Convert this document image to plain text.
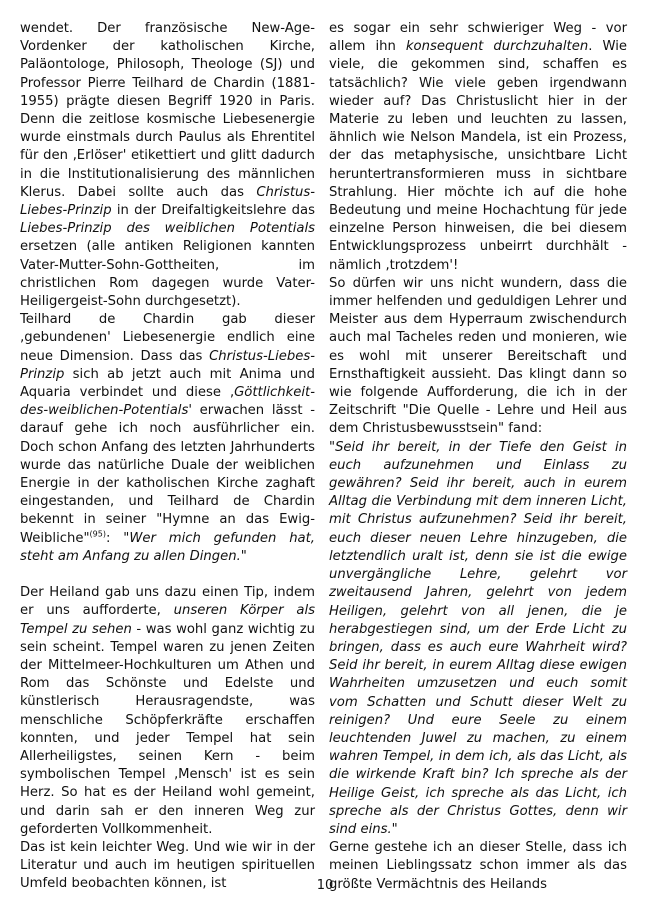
wendet. Der französische New-Age-Vordenker der katholischen Kirche, Paläontologe, Philosoph, Theologe (SJ) und Professor Pierre Teilhard de Chardin (1881-1955) prägte diesen Begriff 1920 in Paris. Denn die zeitlose kosmische Liebesenergie wurde einstmals durch Paulus als Ehrentitel für den ‚Erlöser' etikettiert und glitt dadurch in die Institutionalisierung des männlichen Klerus. Dabei sollte auch das Christus-Liebes-Prinzip in der Dreifaltigkeitslehre das Liebes-Prinzip des weiblichen Potentials ersetzen (alle antiken Religionen kannten Vater-Mutter-Sohn-Gottheiten, im christlichen Rom dagegen wurde Vater-Heiligergeist-Sohn durchgesetzt).

Teilhard de Chardin gab dieser ‚gebundenen' Liebesenergie endlich eine neue Dimension. Dass das Christus-Liebes-Prinzip sich ab jetzt auch mit Anima und Aquaria verbindet und diese ‚Göttlichkeit-des-weiblichen-Potentials' erwachen lässt - darauf gehe ich noch ausführlicher ein. Doch schon Anfang des letzten Jahrhunderts wurde das natürliche Duale der weiblichen Energie in der katholischen Kirche zaghaft eingestanden, und Teilhard de Chardin bekennt in seiner "Hymne an das Ewig-Weibliche"$^{(95)}$: "Wer mich gefunden hat, steht am Anfang zu allen Dingen."

Der Heiland gab uns dazu einen Tip, indem er uns aufforderte, unseren Körper als Tempel zu sehen - was wohl ganz wichtig zu sein scheint. Tempel waren zu jenen Zeiten der Mittelmeer-Hochkulturen um Athen und Rom das Schönste und Edelste und künstlerisch Herausragendste, was menschliche Schöpferkräfte erschaffen konnten, und jeder Tempel hat sein Allerheiligstes, seinen Kern - beim symbolischen Tempel ‚Mensch' ist es sein Herz. So hat es der Heiland wohl gemeint, und darin sah er den inneren Weg zur geforderten Vollkommenheit.

Das ist kein leichter Weg. Und wie wir in der Literatur und auch im heutigen spirituellen Umfeld beobachten können, ist

es sogar ein sehr schwieriger Weg - vor allem ihn konsequent durchzuhalten. Wie viele, die gekommen sind, schaffen es tatsächlich? Wie viele geben irgendwann wieder auf? Das Christuslicht hier in der Materie zu leben und leuchten zu lassen, ähnlich wie Nelson Mandela, ist ein Prozess, der das metaphysische, unsichtbare Licht heruntertransformieren muss in sichtbare Strahlung. Hier möchte ich auf die hohe Bedeutung und meine Hochachtung für jede einzelne Person hinweisen, die bei diesem Entwicklungsprozess unbeirrt durchhält - nämlich ‚trotzdem'!

So dürfen wir uns nicht wundern, dass die immer helfenden und geduldigen Lehrer und Meister aus dem Hyperraum zwischendurch auch mal Tacheles reden und monieren, wie es wohl mit unserer Bereitschaft und Ernsthaftigkeit aussieht. Das klingt dann so wie folgende Aufforderung, die ich in der Zeitschrift "Die Quelle - Lehre und Heil aus dem Christusbewusstsein" fand:

"Seid ihr bereit, in der Tiefe den Geist in euch aufzunehmen und Einlass zu gewähren? Seid ihr bereit, auch in eurem Alltag die Verbindung mit dem inneren Licht, mit Christus aufzunehmen? Seid ihr bereit, euch dieser neuen Lehre hinzugeben, die letztendlich uralt ist, denn sie ist die ewige unvergängliche Lehre, gelehrt vor zweitausend Jahren, gelehrt von jedem Heiligen, gelehrt von all jenen, die je herabgestiegen sind, um der Erde Licht zu bringen, dass es auch eure Wahrheit wird? Seid ihr bereit, in eurem Alltag diese ewigen Wahrheiten umzusetzen und euch somit vom Schatten und Schutt dieser Welt zu reinigen? Und eure Seele zu einem leuchtenden Juwel zu machen, zu einem wahren Tempel, in dem ich, als das Licht, als die wirkende Kraft bin? Ich spreche als der Heilige Geist, ich spreche als das Licht, ich spreche als der Christus Gottes, denn wir sind eins."

Gerne gestehe ich an dieser Stelle, dass ich meinen Lieblingssatz schon immer als das größte Vermächtnis des Heilands

10
